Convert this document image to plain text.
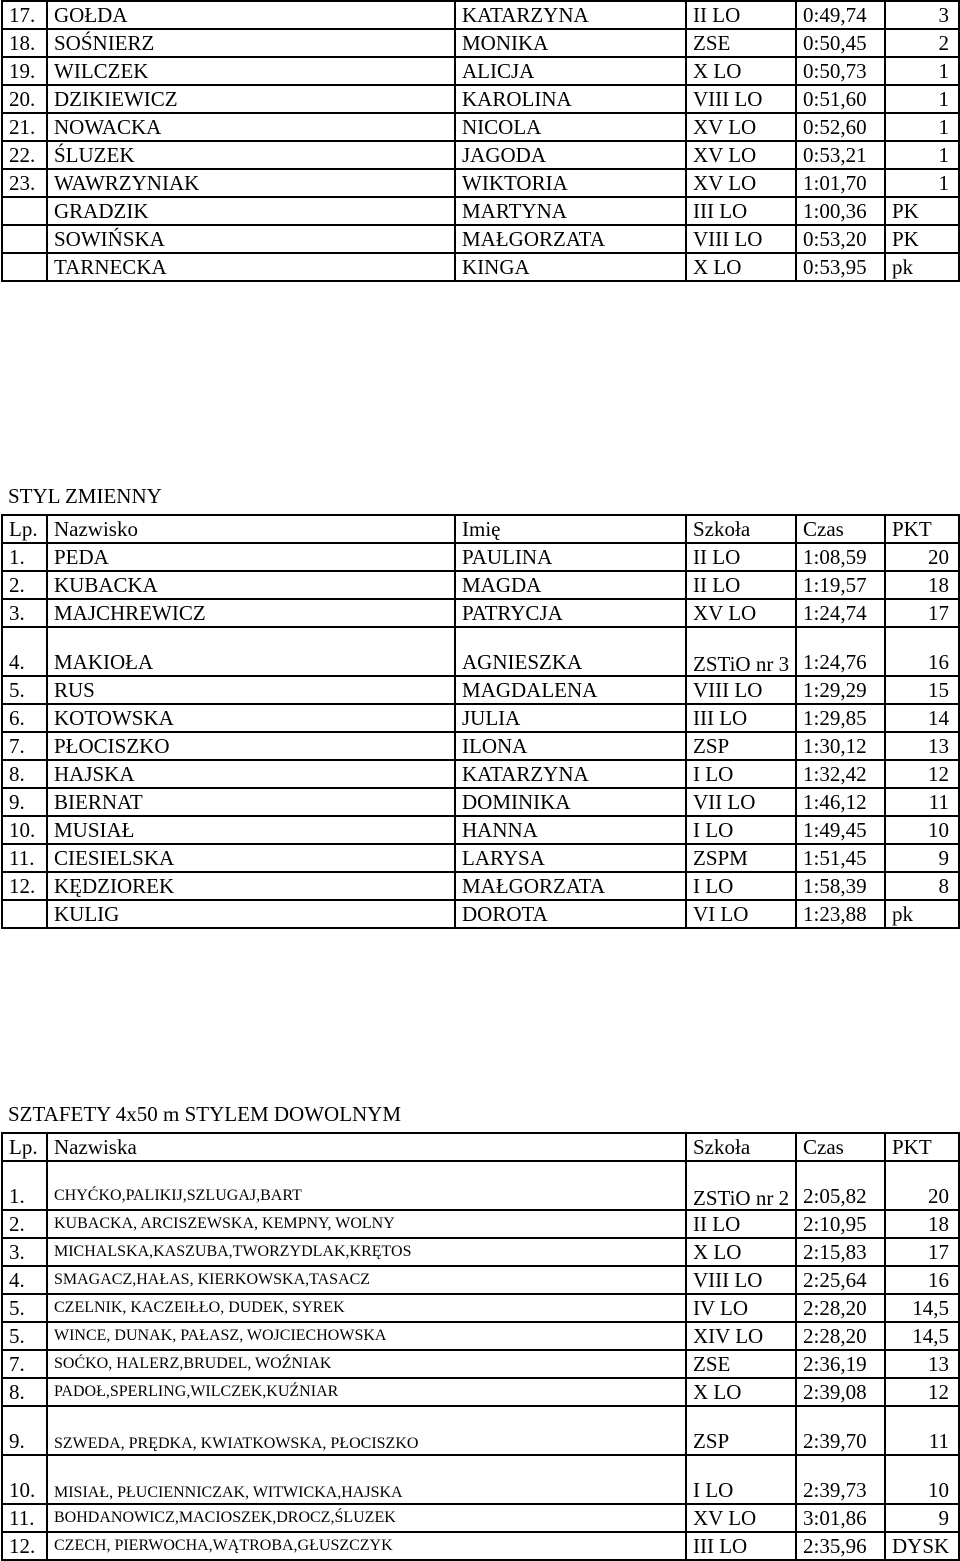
17.	GOŁDA	KATARZYNA	II LO	0:49,74	3
18.	SOŚNIERZ	MONIKA	ZSE	0:50,45	2
19.	WILCZEK	ALICJA	X LO	0:50,73	1
20.	DZIKIEWICZ	KAROLINA	VIII LO	0:51,60	1
21.	NOWACKA	NICOLA	XV LO	0:52,60	1
22.	ŚLUZEK	JAGODA	XV LO	0:53,21	1
23.	WAWRZYNIAK	WIKTORIA	XV LO	1:01,70	1
	GRADZIK	MARTYNA	III LO	1:00,36	PK
	SOWIŃSKA	MAŁGORZATA	VIII LO	0:53,20	PK
	TARNECKA	KINGA	X LO	0:53,95	pk
STYL ZMIENNY
Lp.	Nazwisko	Imię	Szkoła	Czas	PKT
1.	PEDA	PAULINA	II LO	1:08,59	20
2.	KUBACKA	MAGDA	II LO	1:19,57	18
3.	MAJCHREWICZ	PATRYCJA	XV LO	1:24,74	17
4.	MAKIOŁA	AGNIESZKA	ZSTiO nr 3	1:24,76	16
5.	RUS	MAGDALENA	VIII LO	1:29,29	15
6.	KOTOWSKA	JULIA	III LO	1:29,85	14
7.	PŁOCISZKO	ILONA	ZSP	1:30,12	13
8.	HAJSKA	KATARZYNA	I LO	1:32,42	12
9.	BIERNAT	DOMINIKA	VII LO	1:46,12	11
10.	MUSIAŁ	HANNA	I LO	1:49,45	10
11.	CIESIELSKA	LARYSA	ZSPM	1:51,45	9
12.	KĘDZIOREK	MAŁGORZATA	I LO	1:58,39	8
	KULIG	DOROTA	VI LO	1:23,88	pk
SZTAFETY 4x50 m STYLEM DOWOLNYM
Lp.	Nazwiska	Szkoła	Czas	PKT
1.	CHYĆKO,PALIKIJ,SZLUGAJ,BART	ZSTiO nr 2	2:05,82	20
2.	KUBACKA, ARCISZEWSKA, KEMPNY, WOLNY	II LO	2:10,95	18
3.	MICHALSKA,KASZUBA,TWORZYDLAK,KRĘTOS	X LO	2:15,83	17
4.	SMAGACZ,HAŁAS, KIERKOWSKA,TASACZ	VIII LO	2:25,64	16
5.	CZELNIK, KACZEIŁŁO, DUDEK, SYREK	IV LO	2:28,20	14,5
5.	WINCE, DUNAK, PAŁASZ, WOJCIECHOWSKA	XIV LO	2:28,20	14,5
7.	SOĆKO, HALERZ,BRUDEL, WOŹNIAK	ZSE	2:36,19	13
8.	PADOŁ,SPERLING,WILCZEK,KUŹNIAR	X LO	2:39,08	12
9.	SZWEDA, PRĘDKA, KWIATKOWSKA, PŁOCISZKO	ZSP	2:39,70	11
10.	MISIAŁ, PŁUCIENNICZAK, WITWICKA,HAJSKA	I LO	2:39,73	10
11.	BOHDANOWICZ,MACIOSZEK,DROCZ,ŚLUZEK	XV LO	3:01,86	9
12.	CZECH, PIERWOCHA,WĄTROBA,GŁUSZCZYK	III LO	2:35,96	DYSK
